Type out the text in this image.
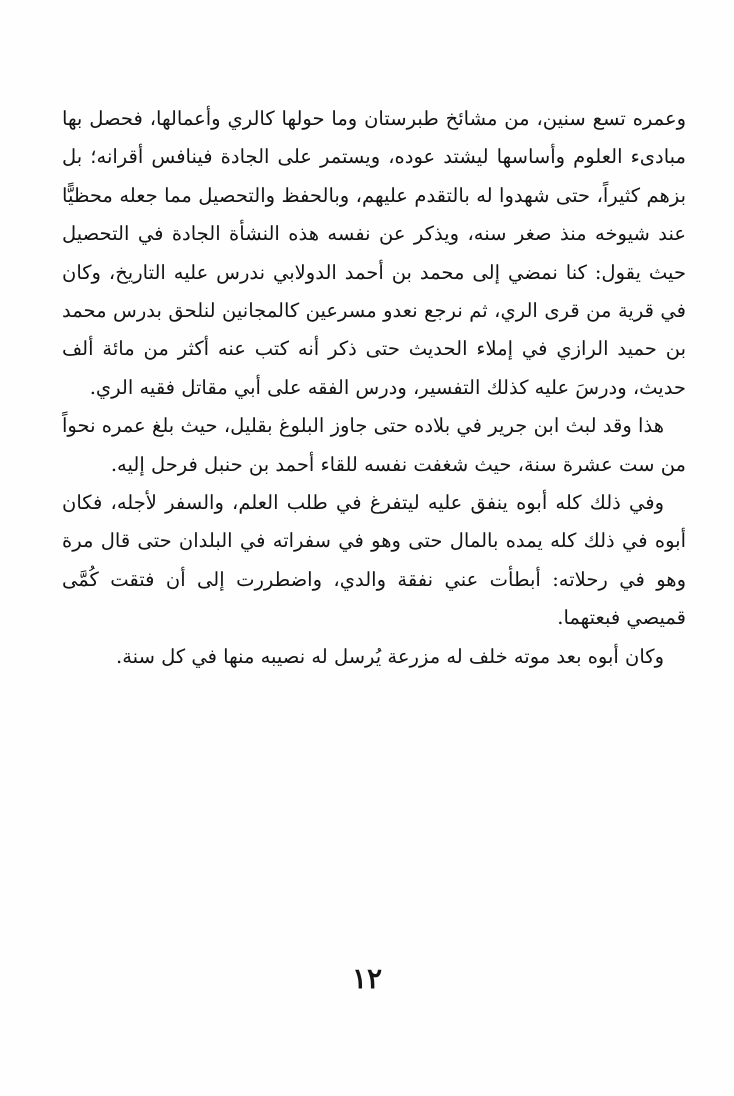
وعمره تسع سنين، من مشائخ طبرستان وما حولها كالري وأعمالها، فحصل بها مبادىء العلوم وأساسها ليشتد عوده، ويستمر على الجادة فينافس أقرانه؛ بل بزهم كثيراً، حتى شهدوا له بالتقدم عليهم، وبالحفظ والتحصيل مما جعله محظيًّا عند شيوخه منذ صغر سنه، ويذكر عن نفسه هذه النشأة الجادة في التحصيل حيث يقول: كنا نمضي إلى محمد بن أحمد الدولابي ندرس عليه التاريخ، وكان في قرية من قرى الري، ثم نرجع نعدو مسرعين كالمجانين لنلحق بدرس محمد بن حميد الرازي في إملاء الحديث حتى ذكر أنه كتب عنه أكثر من مائة ألف حديث، ودرسَ عليه كذلك التفسير، ودرس الفقه على أبي مقاتل فقيه الري.

هذا وقد لبث ابن جرير في بلاده حتى جاوز البلوغ بقليل، حيث بلغ عمره نحواً من ست عشرة سنة، حيث شغفت نفسه للقاء أحمد بن حنبل فرحل إليه.

وفي ذلك كله أبوه ينفق عليه ليتفرغ في طلب العلم، والسفر لأجله، فكان أبوه في ذلك كله يمده بالمال حتى وهو في سفراته في البلدان حتى قال مرة وهو في رحلاته: أبطأت عني نفقة والدي، واضطررت إلى أن فتقت كُمَّى قميصي فبعتهما.

وكان أبوه بعد موته خلف له مزرعة يُرسل له نصيبه منها في كل سنة.

١٢
